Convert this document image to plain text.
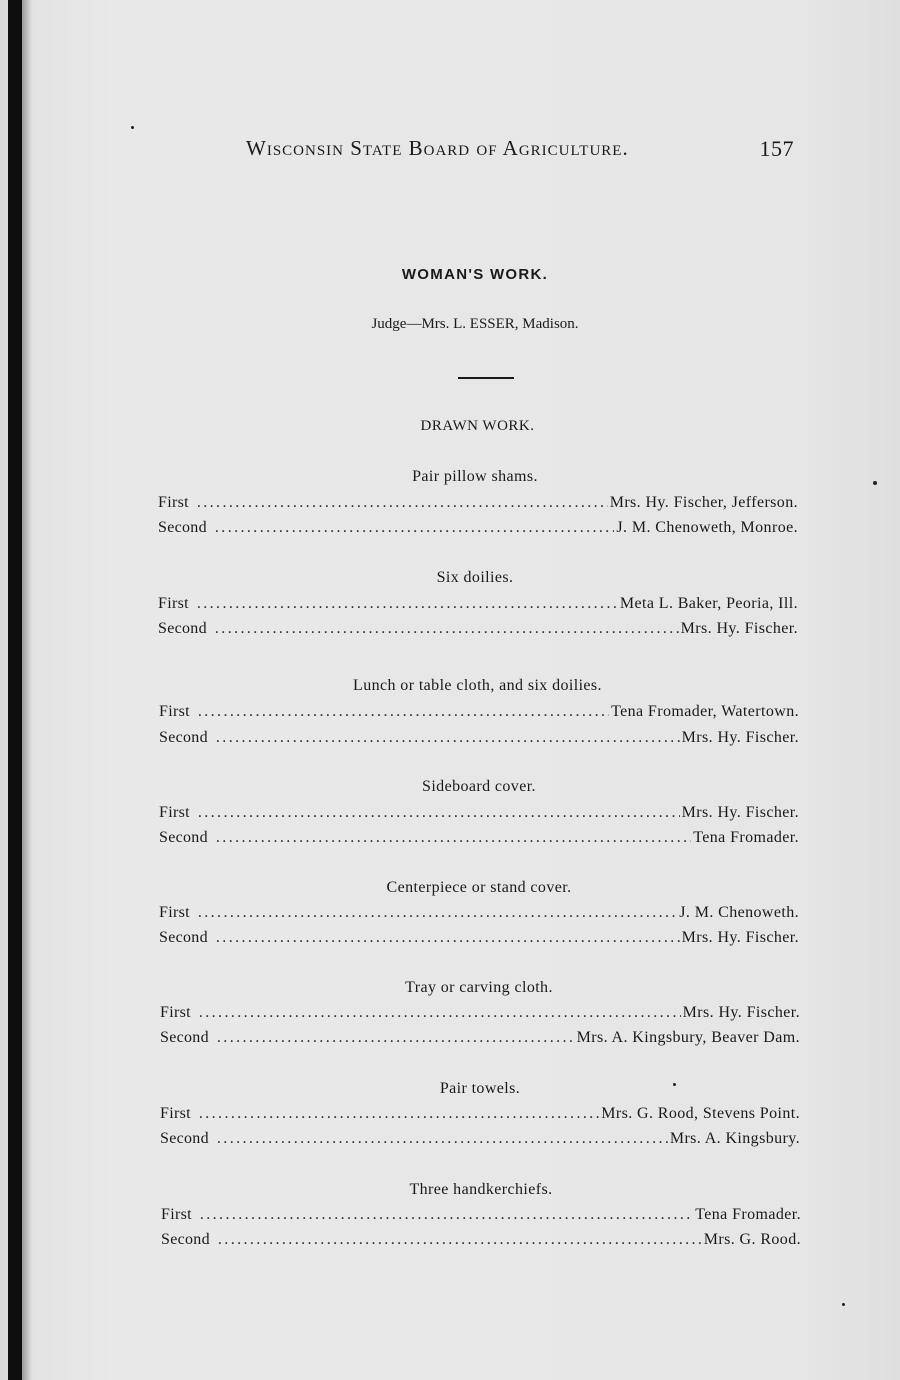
Wisconsin State Board of Agriculture.	157
WOMAN'S WORK.
Judge—Mrs. L. ESSER, Madison.
DRAWN WORK.
Pair pillow shams.
First .....	Mrs. Hy. Fischer, Jefferson.
Second .....	J. M. Chenoweth, Monroe.
Six doilies.
First .....	Meta L. Baker, Peoria, Ill.
Second .....	Mrs. Hy. Fischer.
Lunch or table cloth, and six doilies.
First .....	Tena Fromader, Watertown.
Second .....	Mrs. Hy. Fischer.
Sideboard cover.
First .....	Mrs. Hy. Fischer.
Second .....	Tena Fromader.
Centerpiece or stand cover.
First .....	J. M. Chenoweth.
Second .....	Mrs. Hy. Fischer.
Tray or carving cloth.
First .....	Mrs. Hy. Fischer.
Second .....	Mrs. A. Kingsbury, Beaver Dam.
Pair towels.
First .....	Mrs. G. Rood, Stevens Point.
Second .....	Mrs. A. Kingsbury.
Three handkerchiefs.
First .....	Tena Fromader.
Second .....	Mrs. G. Rood.
